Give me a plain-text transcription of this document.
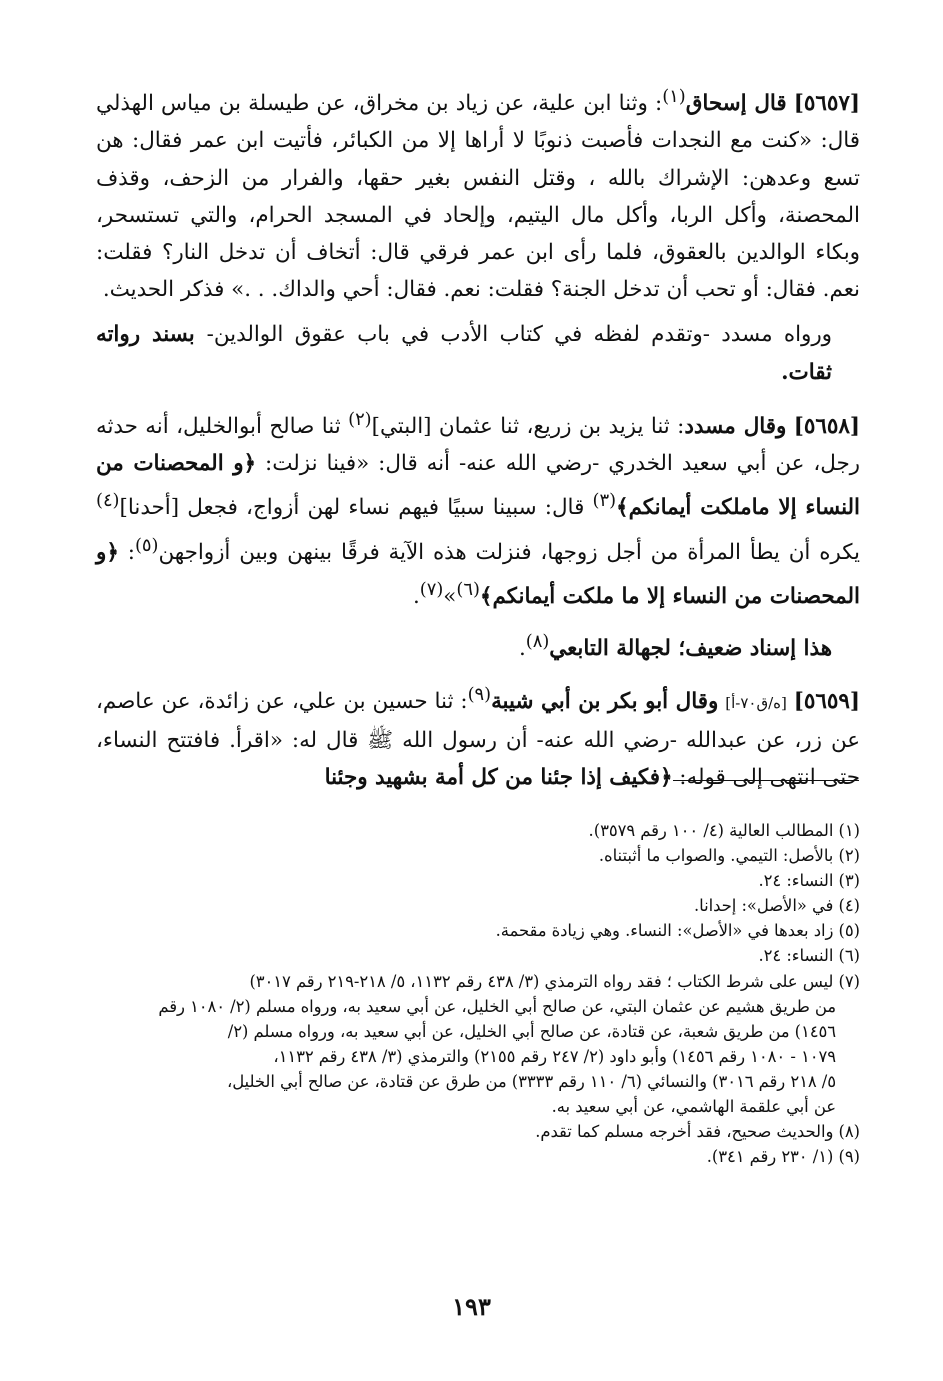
[٥٦٥٧] قال إسحاق$^{(١)}$: وثنا ابن علية، عن زياد بن مخراق، عن طيسلة بن مياس الهذلي قال: «كنت مع النجدات فأصبت ذنوبًا لا أراها إلا من الكبائر، فأتيت ابن عمر فقال: هن تسع وعدهن: الإشراك بالله ، وقتل النفس بغير حقها، والفرار من الزحف، وقذف المحصنة، وأكل الربا، وأكل مال اليتيم، وإلحاد في المسجد الحرام، والتي تستسحر، وبكاء الوالدين بالعقوق، فلما رأى ابن عمر فرقي قال: أتخاف أن تدخل النار؟ فقلت: نعم. فقال: أو تحب أن تدخل الجنة؟ فقلت: نعم. فقال: أحي والداك. . .» فذكر الحديث.

ورواه مسدد -وتقدم لفظه في كتاب الأدب في باب عقوق الوالدين- بسند رواته ثقات.

[٥٦٥٨] وقال مسدد: ثنا يزيد بن زريع، ثنا عثمان [البتي]$^{(٢)}$ ثنا صالح أبوالخليل، أنه حدثه رجل، عن أبي سعيد الخدري -رضي الله عنه- أنه قال: «فينا نزلت: ﴿و المحصنات من النساء إلا ماملكت أيمانكم﴾$^{(٣)}$ قال: سبينا سبيًا فيهم نساء لهن أزواج، فجعل [أحدنا]$^{(٤)}$ يكره أن يطأ المرأة من أجل زوجها، فنزلت هذه الآية فرقًا بينهن وبين أزواجهن$^{(٥)}$: ﴿و المحصنات من النساء إلا ما ملكت أيمانكم﴾$^{(٦)}$»$^{(٧)}$.

هذا إسناد ضعيف؛ لجهالة التابعي$^{(٨)}$.

[٥٦٥٩] [ه/ق٧٠-أ] وقال أبو بكر بن أبي شيبة$^{(٩)}$: ثنا حسين بن علي، عن زائدة، عن عاصم، عن زر، عن عبدالله -رضي الله عنه- أن رسول الله ﷺ قال له: «اقرأ. فافتتح النساء، حتى انتهى إلى قوله: ﴿فكيف إذا جئنا من كل أمة بشهيد وجئنا

(١) المطالب العالية (٤/ ١٠٠ رقم ٣٥٧٩).

(٢) بالأصل: التيمي. والصواب ما أثبتناه.

(٣) النساء: ٢٤.

(٤) في «الأصل»: إحدانا.

(٥) زاد بعدها في «الأصل»: النساء. وهي زيادة مقحمة.

(٦) النساء: ٢٤.

(٧) ليس على شرط الكتاب ؛ فقد رواه الترمذي (٣/ ٤٣٨ رقم ١١٣٢، ٥/ ٢١٨-٢١٩ رقم ٣٠١٧)

من طريق هشيم عن عثمان البتي، عن صالح أبي الخليل، عن أبي سعيد به، ورواه مسلم (٢/ ١٠٨٠ رقم

١٤٥٦) من طريق شعبة، عن قتادة، عن صالح أبي الخليل، عن أبي سعيد به، ورواه مسلم (٢/

١٠٧٩ - ١٠٨٠ رقم ١٤٥٦) وأبو داود (٢/ ٢٤٧ رقم ٢١٥٥) والترمذي (٣/ ٤٣٨ رقم ١١٣٢،

٥/ ٢١٨ رقم ٣٠١٦) والنسائي (٦/ ١١٠ رقم ٣٣٣٣) من طرق عن قتادة، عن صالح أبي الخليل،

عن أبي علقمة الهاشمي، عن أبي سعيد به.

(٨) والحديث صحيح، فقد أخرجه مسلم كما تقدم.

(٩) (١/ ٢٣٠ رقم ٣٤١).

١٩٣
